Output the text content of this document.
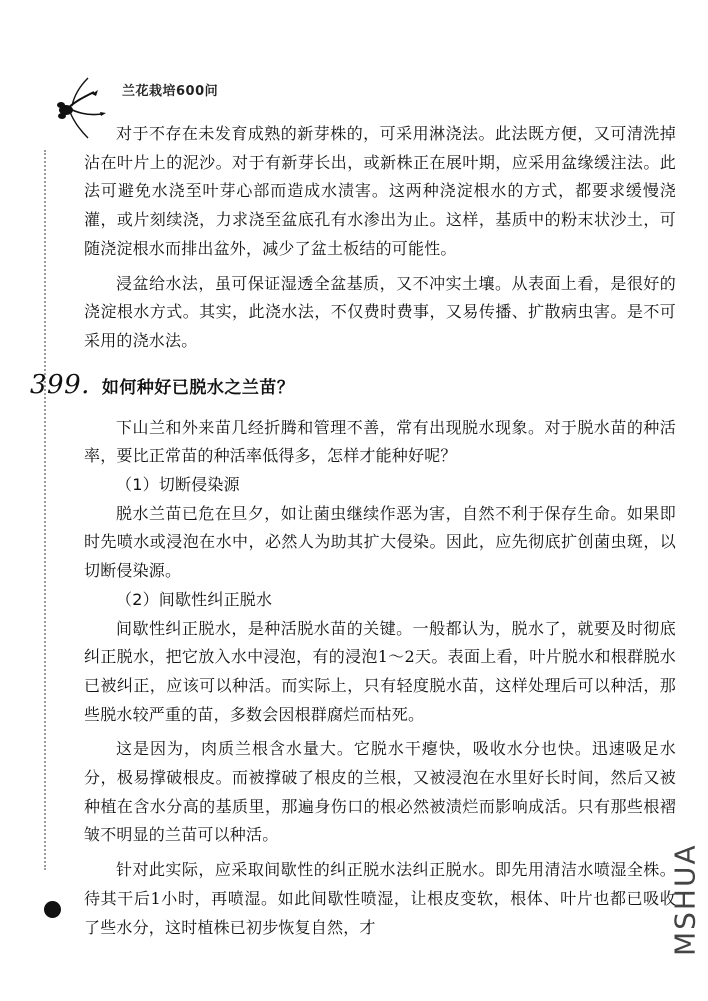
兰花栽培600问

对于不存在未发育成熟的新芽株的，可采用淋浇法。此法既方便，又可清洗掉沾在叶片上的泥沙。对于有新芽长出，或新株正在展叶期，应采用盆缘缓注法。此法可避免水浇至叶芽心部而造成水渍害。这两种浇淀根水的方式，都要求缓慢浇灌，或片刻续浇，力求浇至盆底孔有水渗出为止。这样，基质中的粉末状沙土，可随浇淀根水而排出盆外，减少了盆土板结的可能性。

浸盆给水法，虽可保证湿透全盆基质，又不冲实土壤。从表面上看，是很好的浇淀根水方式。其实，此浇水法，不仅费时费事，又易传播、扩散病虫害。是不可采用的浇水法。

399. 如何种好已脱水之兰苗？

下山兰和外来苗几经折腾和管理不善，常有出现脱水现象。对于脱水苗的种活率，要比正常苗的种活率低得多，怎样才能种好呢？

（1）切断侵染源

脱水兰苗已危在旦夕，如让菌虫继续作恶为害，自然不利于保存生命。如果即时先喷水或浸泡在水中，必然人为助其扩大侵染。因此，应先彻底扩创菌虫斑，以切断侵染源。

（2）间歇性纠正脱水

间歇性纠正脱水，是种活脱水苗的关键。一般都认为，脱水了，就要及时彻底纠正脱水，把它放入水中浸泡，有的浸泡1～2天。表面上看，叶片脱水和根群脱水已被纠正，应该可以种活。而实际上，只有轻度脱水苗，这样处理后可以种活，那些脱水较严重的苗，多数会因根群腐烂而枯死。

这是因为，肉质兰根含水量大。它脱水干瘪快，吸收水分也快。迅速吸足水分，极易撑破根皮。而被撑破了根皮的兰根，又被浸泡在水里好长时间，然后又被种植在含水分高的基质里，那遍身伤口的根必然被渍烂而影响成活。只有那些根褶皱不明显的兰苗可以种活。

针对此实际，应采取间歇性的纠正脱水法纠正脱水。即先用清洁水喷湿全株。待其干后1小时，再喷湿。如此间歇性喷湿，让根皮变软，根体、叶片也都已吸收了些水分，这时植株已初步恢复自然，才	MSHUA
